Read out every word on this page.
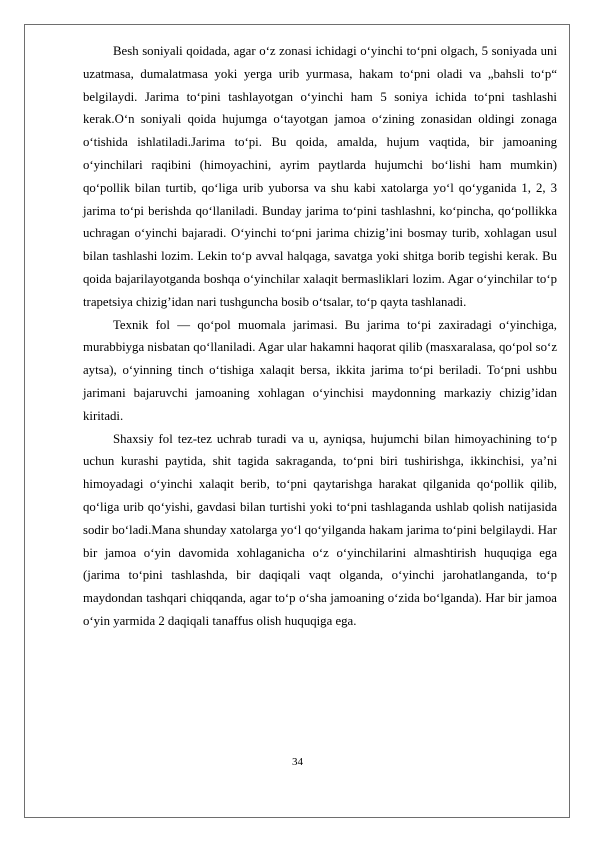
Besh soniyali qoidada, agar o‘z zonasi ichidagi o‘yinchi to‘pni olgach, 5 soniyada uni uzatmasa, dumalatmasa yoki yerga urib yurmasa, hakam to‘pni oladi va „bahsli to‘p“ belgilaydi. Jarima to‘pini tashlayotgan o‘yinchi ham 5 soniya ichida to‘pni tashlashi kerak.O‘n soniyali qoida hujumga o‘tayotgan jamoa o‘zining zonasidan oldingi zonaga o‘tishida ishlatiladi.Jarima to‘pi. Bu qoida, amalda, hujum vaqtida, bir jamoaning o‘yinchilari raqibini (himoyachini, ayrim paytlarda hujumchi bo‘lishi ham mumkin) qo‘pollik bilan turtib, qo‘liga urib yuborsa va shu kabi xatolarga yo‘l qo‘yganida 1, 2, 3 jarima to‘pi berishda qo‘llaniladi. Bunday jarima to‘pini tashlashni, ko‘pincha, qo‘pollikka uchragan o‘yinchi bajaradi. O‘yinchi to‘pni jarima chizig’ini bosmay turib, xohlagan usul bilan tashlashi lozim. Lekin to‘p avval halqaga, savatga yoki shitga borib tegishi kerak. Bu qoida bajarilayotganda boshqa o‘yinchilar xalaqit bermasliklari lozim. Agar o‘yinchilar to‘p trapetsiya chizig’idan nari tushguncha bosib o‘tsalar, to‘p qayta tashlanadi.

Texnik fol — qo‘pol muomala jarimasi. Bu jarima to‘pi zaxiradagi o‘yinchiga, murabbiyga nisbatan qo‘llaniladi. Agar ular hakamni haqorat qilib (masxaralasa, qo‘pol so‘z aytsa), o‘yinning tinch o‘tishiga xalaqit bersa, ikkita jarima to‘pi beriladi. To‘pni ushbu jarimani bajaruvchi jamoaning xohlagan o‘yinchisi maydonning markaziy chizig’idan kiritadi.

Shaxsiy fol tez-tez uchrab turadi va u, ayniqsa, hujumchi bilan himoyachining to‘p uchun kurashi paytida, shit tagida sakraganda, to‘pni biri tushirishga, ikkinchisi, ya’ni himoyadagi o‘yinchi xalaqit berib, to‘pni qaytarishga harakat qilganida qo‘pollik qilib, qo‘liga urib qo‘yishi, gavdasi bilan turtishi yoki to‘pni tashlaganda ushlab qolish natijasida sodir bo‘ladi.Mana shunday xatolarga yo‘l qo‘yilganda hakam jarima to‘pini belgilaydi. Har bir jamoa o‘yin davomida xohlaganicha o‘z o‘yinchilarini almashtirish huquqiga ega (jarima to‘pini tashlashda, bir daqiqali vaqt olganda, o‘yinchi jarohatlanganda, to‘p maydondan tashqari chiqqanda, agar to‘p o‘sha jamoaning o‘zida bo‘lganda). Har bir jamoa o‘yin yarmida 2 daqiqali tanaffus olish huquqiga ega.

34
